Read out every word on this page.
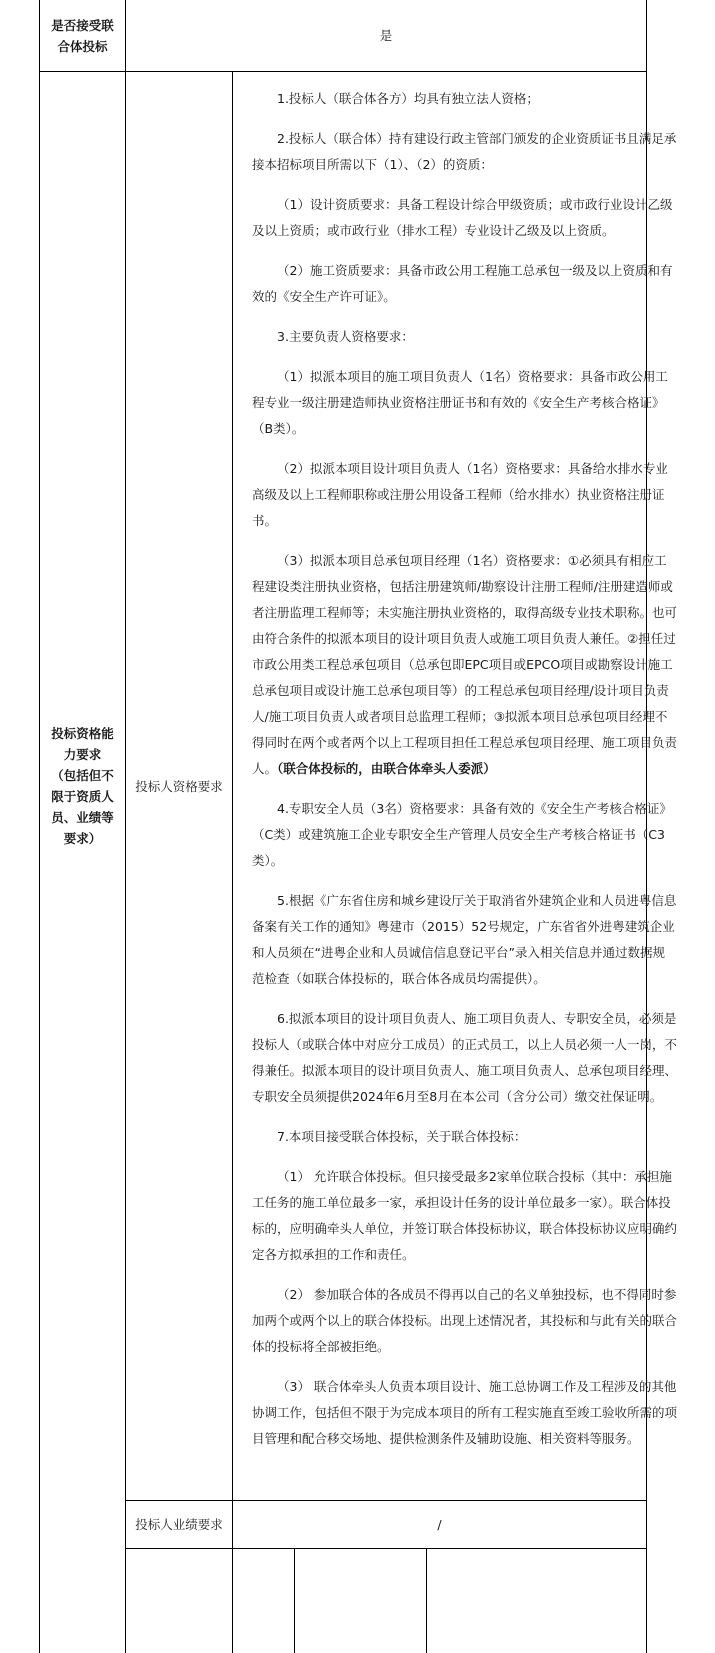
是否接受联合体投标
是
投标资格能
力要求
（包括但不
限于资质人
员、业绩等
要求）
投标人资格要求

1.投标人（联合体各方）均具有独立法人资格；

2.投标人（联合体）持有建设行政主管部门颁发的企业资质证书且满足承接本招标项目所需以下（1）、（2）的资质：

（1）设计资质要求：具备工程设计综合甲级资质；或市政行业设计乙级及以上资质；或市政行业（排水工程）专业设计乙级及以上资质。

（2）施工资质要求：具备市政公用工程施工总承包一级及以上资质和有效的《安全生产许可证》。

3.主要负责人资格要求：

（1）拟派本项目的施工项目负责人（1名）资格要求：具备市政公用工程专业一级注册建造师执业资格注册证书和有效的《安全生产考核合格证》（B类）。

（2）拟派本项目设计项目负责人（1名）资格要求：具备给水排水专业高级及以上工程师职称或注册公用设备工程师（给水排水）执业资格注册证书。

（3）拟派本项目总承包项目经理（1名）资格要求：①必须具有相应工程建设类注册执业资格，包括注册建筑师/勘察设计注册工程师/注册建造师或者注册监理工程师等；未实施注册执业资格的，取得高级专业技术职称。也可由符合条件的拟派本项目的设计项目负责人或施工项目负责人兼任。②担任过市政公用类工程总承包项目（总承包即EPC项目或EPCO项目或勘察设计施工总承包项目或设计施工总承包项目等）的工程总承包项目经理/设计项目负责人/施工项目负责人或者项目总监理工程师；③拟派本项目总承包项目经理不得同时在两个或者两个以上工程项目担任工程总承包项目经理、施工项目负责人。（联合体投标的，由联合体牵头人委派）

4.专职安全人员（3名）资格要求：具备有效的《安全生产考核合格证》（C类）或建筑施工企业专职安全生产管理人员安全生产考核合格证书（C3类）。

5.根据《广东省住房和城乡建设厅关于取消省外建筑企业和人员进粤信息备案有关工作的通知》粤建市（2015）52号规定，广东省省外进粤建筑企业和人员须在“进粤企业和人员诚信信息登记平台”录入相关信息并通过数据规范检查（如联合体投标的，联合体各成员均需提供）。

6.拟派本项目的设计项目负责人、施工项目负责人、专职安全员，必须是投标人（或联合体中对应分工成员）的正式员工，以上人员必须一人一岗，不得兼任。拟派本项目的设计项目负责人、施工项目负责人、总承包项目经理、专职安全员须提供2024年6月至8月在本公司（含分公司）缴交社保证明。

7.本项目接受联合体投标，关于联合体投标：

（1） 允许联合体投标。但只接受最多2家单位联合投标（其中：承担施工任务的施工单位最多一家，承担设计任务的设计单位最多一家）。联合体投标的，应明确牵头人单位，并签订联合体投标协议，联合体投标协议应明确约定各方拟承担的工作和责任。

（2） 参加联合体的各成员不得再以自己的名义单独投标，也不得同时参加两个或两个以上的联合体投标。出现上述情况者，其投标和与此有关的联合体的投标将全部被拒绝。

（3） 联合体牵头人负责本项目设计、施工总协调工作及工程涉及的其他协调工作，包括但不限于为完成本项目的所有工程实施直至竣工验收所需的项目管理和配合移交场地、提供检测条件及辅助设施、相关资料等服务。

投标人业绩要求	/
